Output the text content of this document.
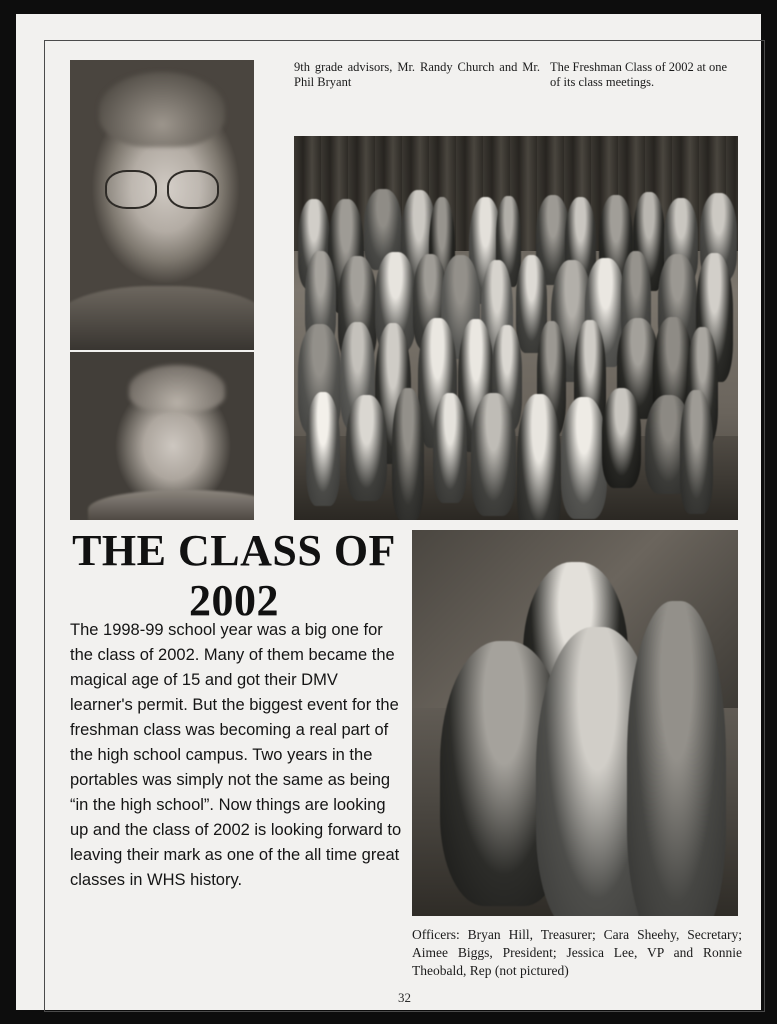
9th grade advisors, Mr. Randy Church and Mr. Phil Bryant
The Freshman Class of 2002 at one of its class meetings.
THE CLASS OF
2002
The 1998-99 school year was a big one for the class of 2002. Many of them became the magical age of 15 and got their DMV learner's permit. But the biggest event for the freshman class was becoming a real part of the high school campus. Two years in the portables was simply not the same as being “in the high school”. Now things are looking up and the class of 2002 is looking forward to leaving their mark as one of the all time great classes in WHS history.
Officers: Bryan Hill, Treasurer; Cara Sheehy, Secretary; Aimee Biggs, President; Jessica Lee, VP and Ronnie Theobald, Rep (not pictured)
32
